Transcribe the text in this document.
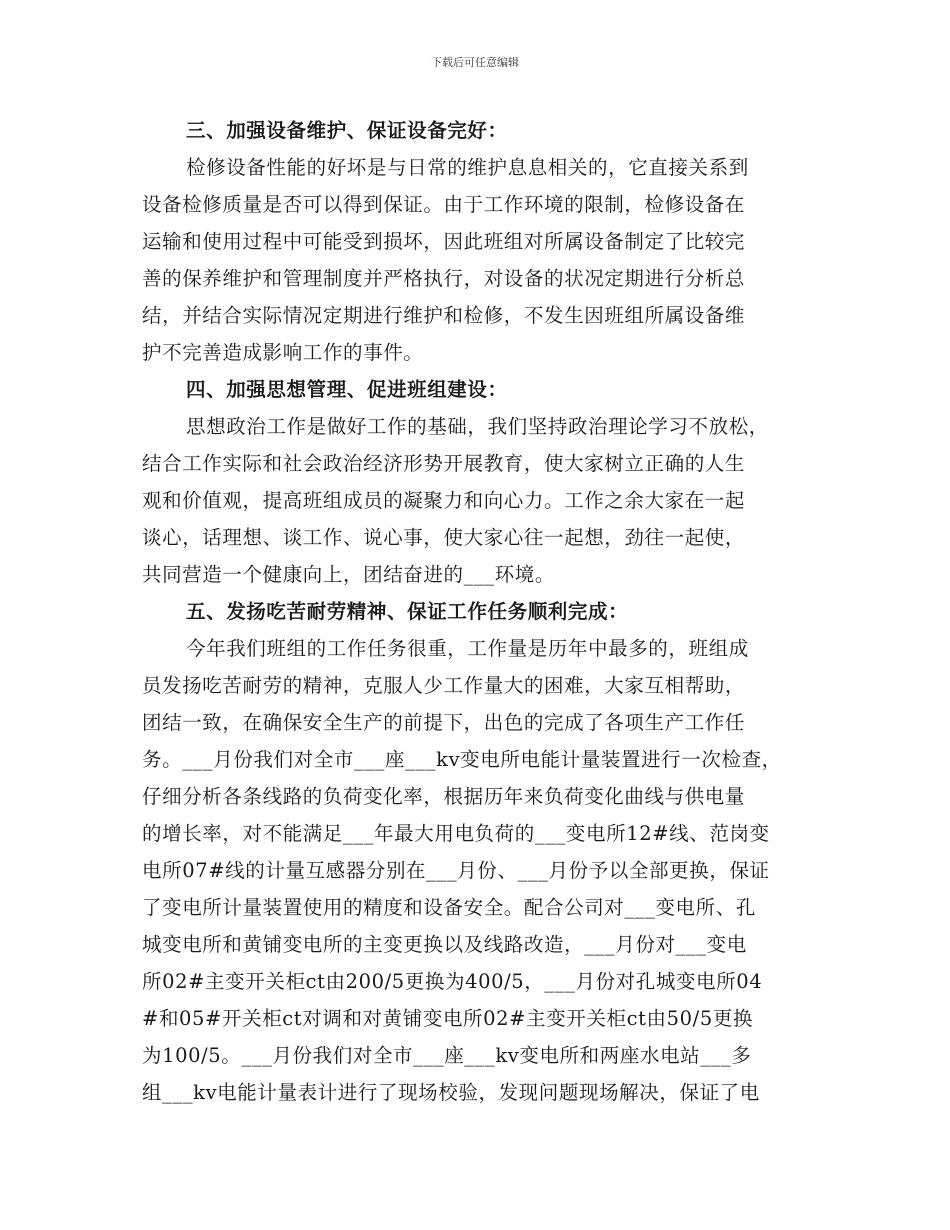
下载后可任意编辑
三、加强设备维护、保证设备完好：
检修设备性能的好坏是与日常的维护息息相关的，它直接关系到
设备检修质量是否可以得到保证。由于工作环境的限制，检修设备在
运输和使用过程中可能受到损坏，因此班组对所属设备制定了比较完
善的保养维护和管理制度并严格执行，对设备的状况定期进行分析总
结，并结合实际情况定期进行维护和检修，不发生因班组所属设备维
护不完善造成影响工作的事件。
四、加强思想管理、促进班组建设：
思想政治工作是做好工作的基础，我们坚持政治理论学习不放松，
结合工作实际和社会政治经济形势开展教育，使大家树立正确的人生
观和价值观，提高班组成员的凝聚力和向心力。工作之余大家在一起
谈心，话理想、谈工作、说心事，使大家心往一起想，劲往一起使，
共同营造一个健康向上，团结奋进的___环境。
五、发扬吃苦耐劳精神、保证工作任务顺利完成：
今年我们班组的工作任务很重，工作量是历年中最多的，班组成
员发扬吃苦耐劳的精神，克服人少工作量大的困难，大家互相帮助，
团结一致，在确保安全生产的前提下，出色的完成了各项生产工作任
务。___月份我们对全市___座___kv变电所电能计量装置进行一次检查，
仔细分析各条线路的负荷变化率，根据历年来负荷变化曲线与供电量
的增长率，对不能满足___年最大用电负荷的___变电所12#线、范岗变
电所07#线的计量互感器分别在___月份、___月份予以全部更换，保证
了变电所计量装置使用的精度和设备安全。配合公司对___变电所、孔
城变电所和黄铺变电所的主变更换以及线路改造，___月份对___变电
所02#主变开关柜ct由200/5更换为400/5，___月份对孔城变电所04
#和05#开关柜ct对调和对黄铺变电所02#主变开关柜ct由50/5更换
为100/5。___月份我们对全市___座___kv变电所和两座水电站___多
组___kv电能计量表计进行了现场校验，发现问题现场解决，保证了电
